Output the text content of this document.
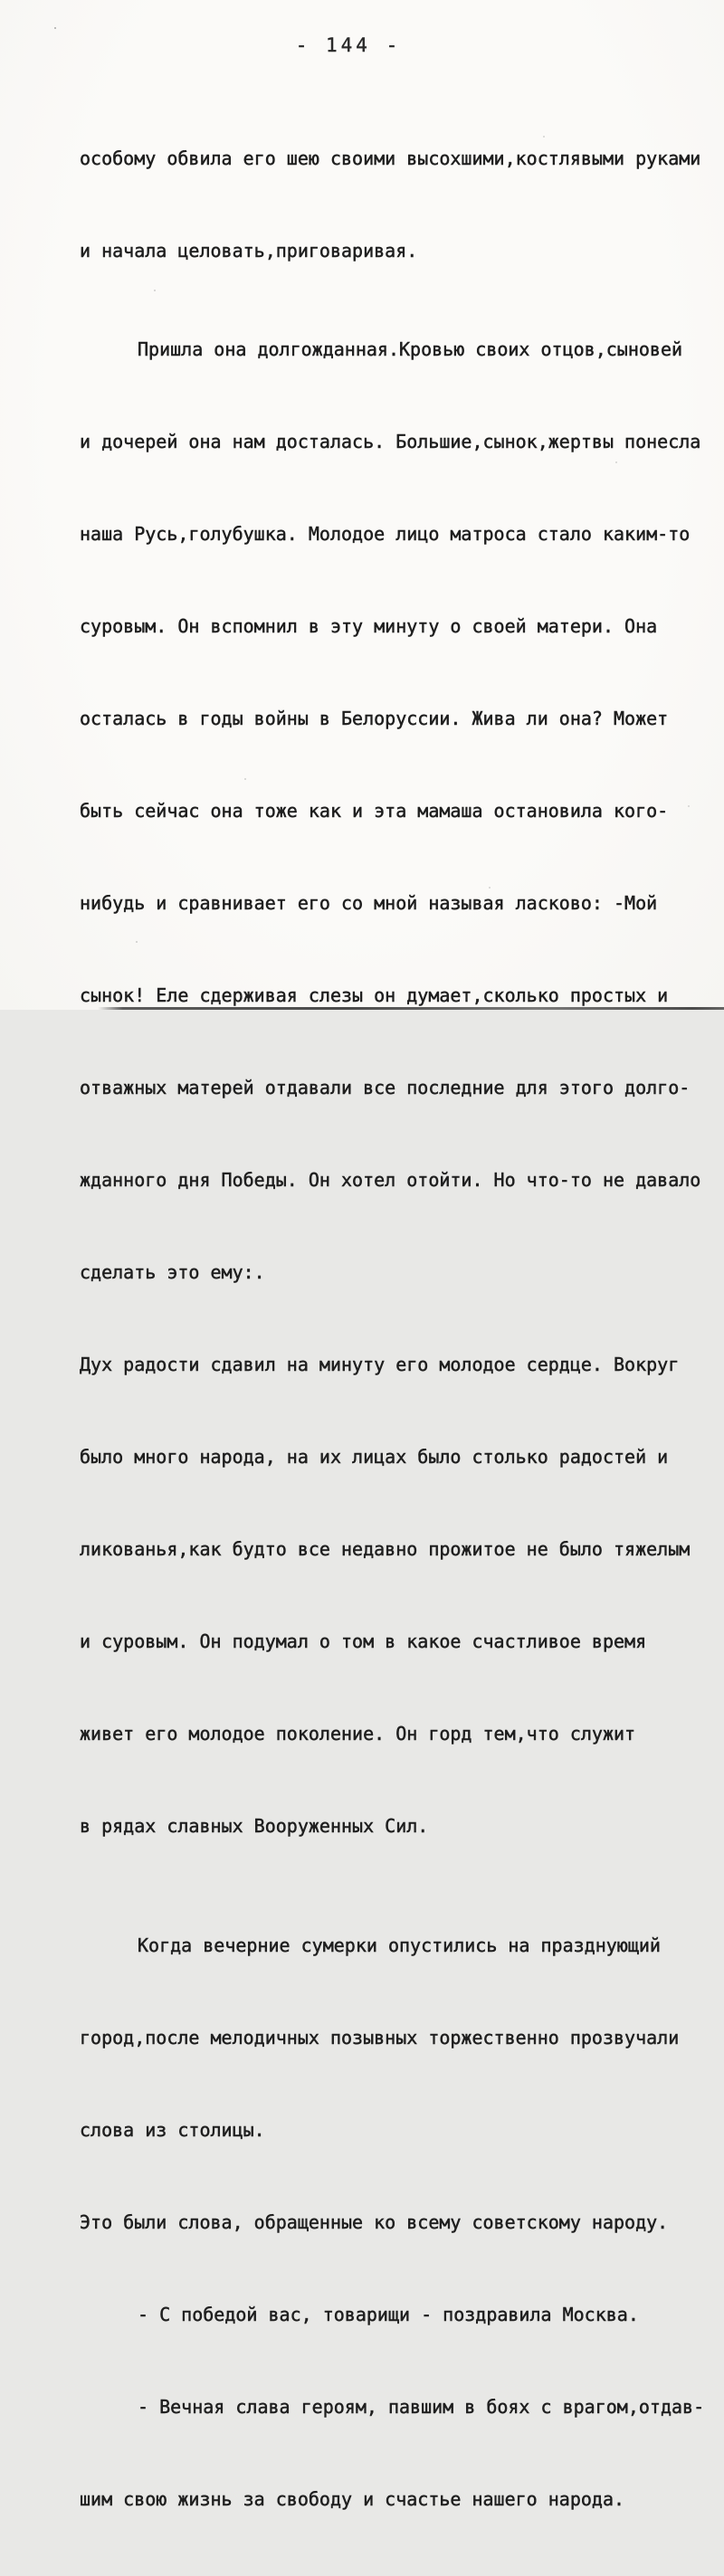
- 144 -

особому обвила его шею своими высохшими,костлявыми руками

и начала целовать,приговаривая.

Пришла она долгожданная.Кровью своих отцов,сыновей

и дочерей она нам досталась. Большие,сынок,жертвы понесла

наша Русь,голубушка. Молодое лицо матроса стало каким-то

суровым. Он вспомнил в эту минуту о своей матери. Она

осталась в годы войны в Белоруссии. Жива ли она? Может

быть сейчас она тоже как и эта мамаша остановила кого-

нибудь и сравнивает его со мной называя ласково: -Мой

сынок! Еле сдерживая слезы он думает,сколько простых и

отважных матерей отдавали все последние для этого долго-

жданного дня Победы. Он хотел отойти. Но что-то не давало

сделать это ему:.

Дух радости сдавил на минуту его молодое сердце. Вокруг

было много народа, на их лицах было столько радостей и

ликованья,как будто все недавно прожитое не было тяжелым

и суровым. Он подумал о том в какое счастливое время

живет его молодое поколение. Он горд тем,что служит

в рядах славных Вооруженных Сил.

Когда вечерние сумерки опустились на празднующий

город,после мелодичных позывных торжественно прозвучали

слова из столицы.

Это были слова, обращенные ко всему советскому народу.

- С победой вас, товарищи - поздравила Москва.

- Вечная слава героям, павшим в боях с врагом,отдав-

шим свою жизнь за свободу и счастье нашего народа.
